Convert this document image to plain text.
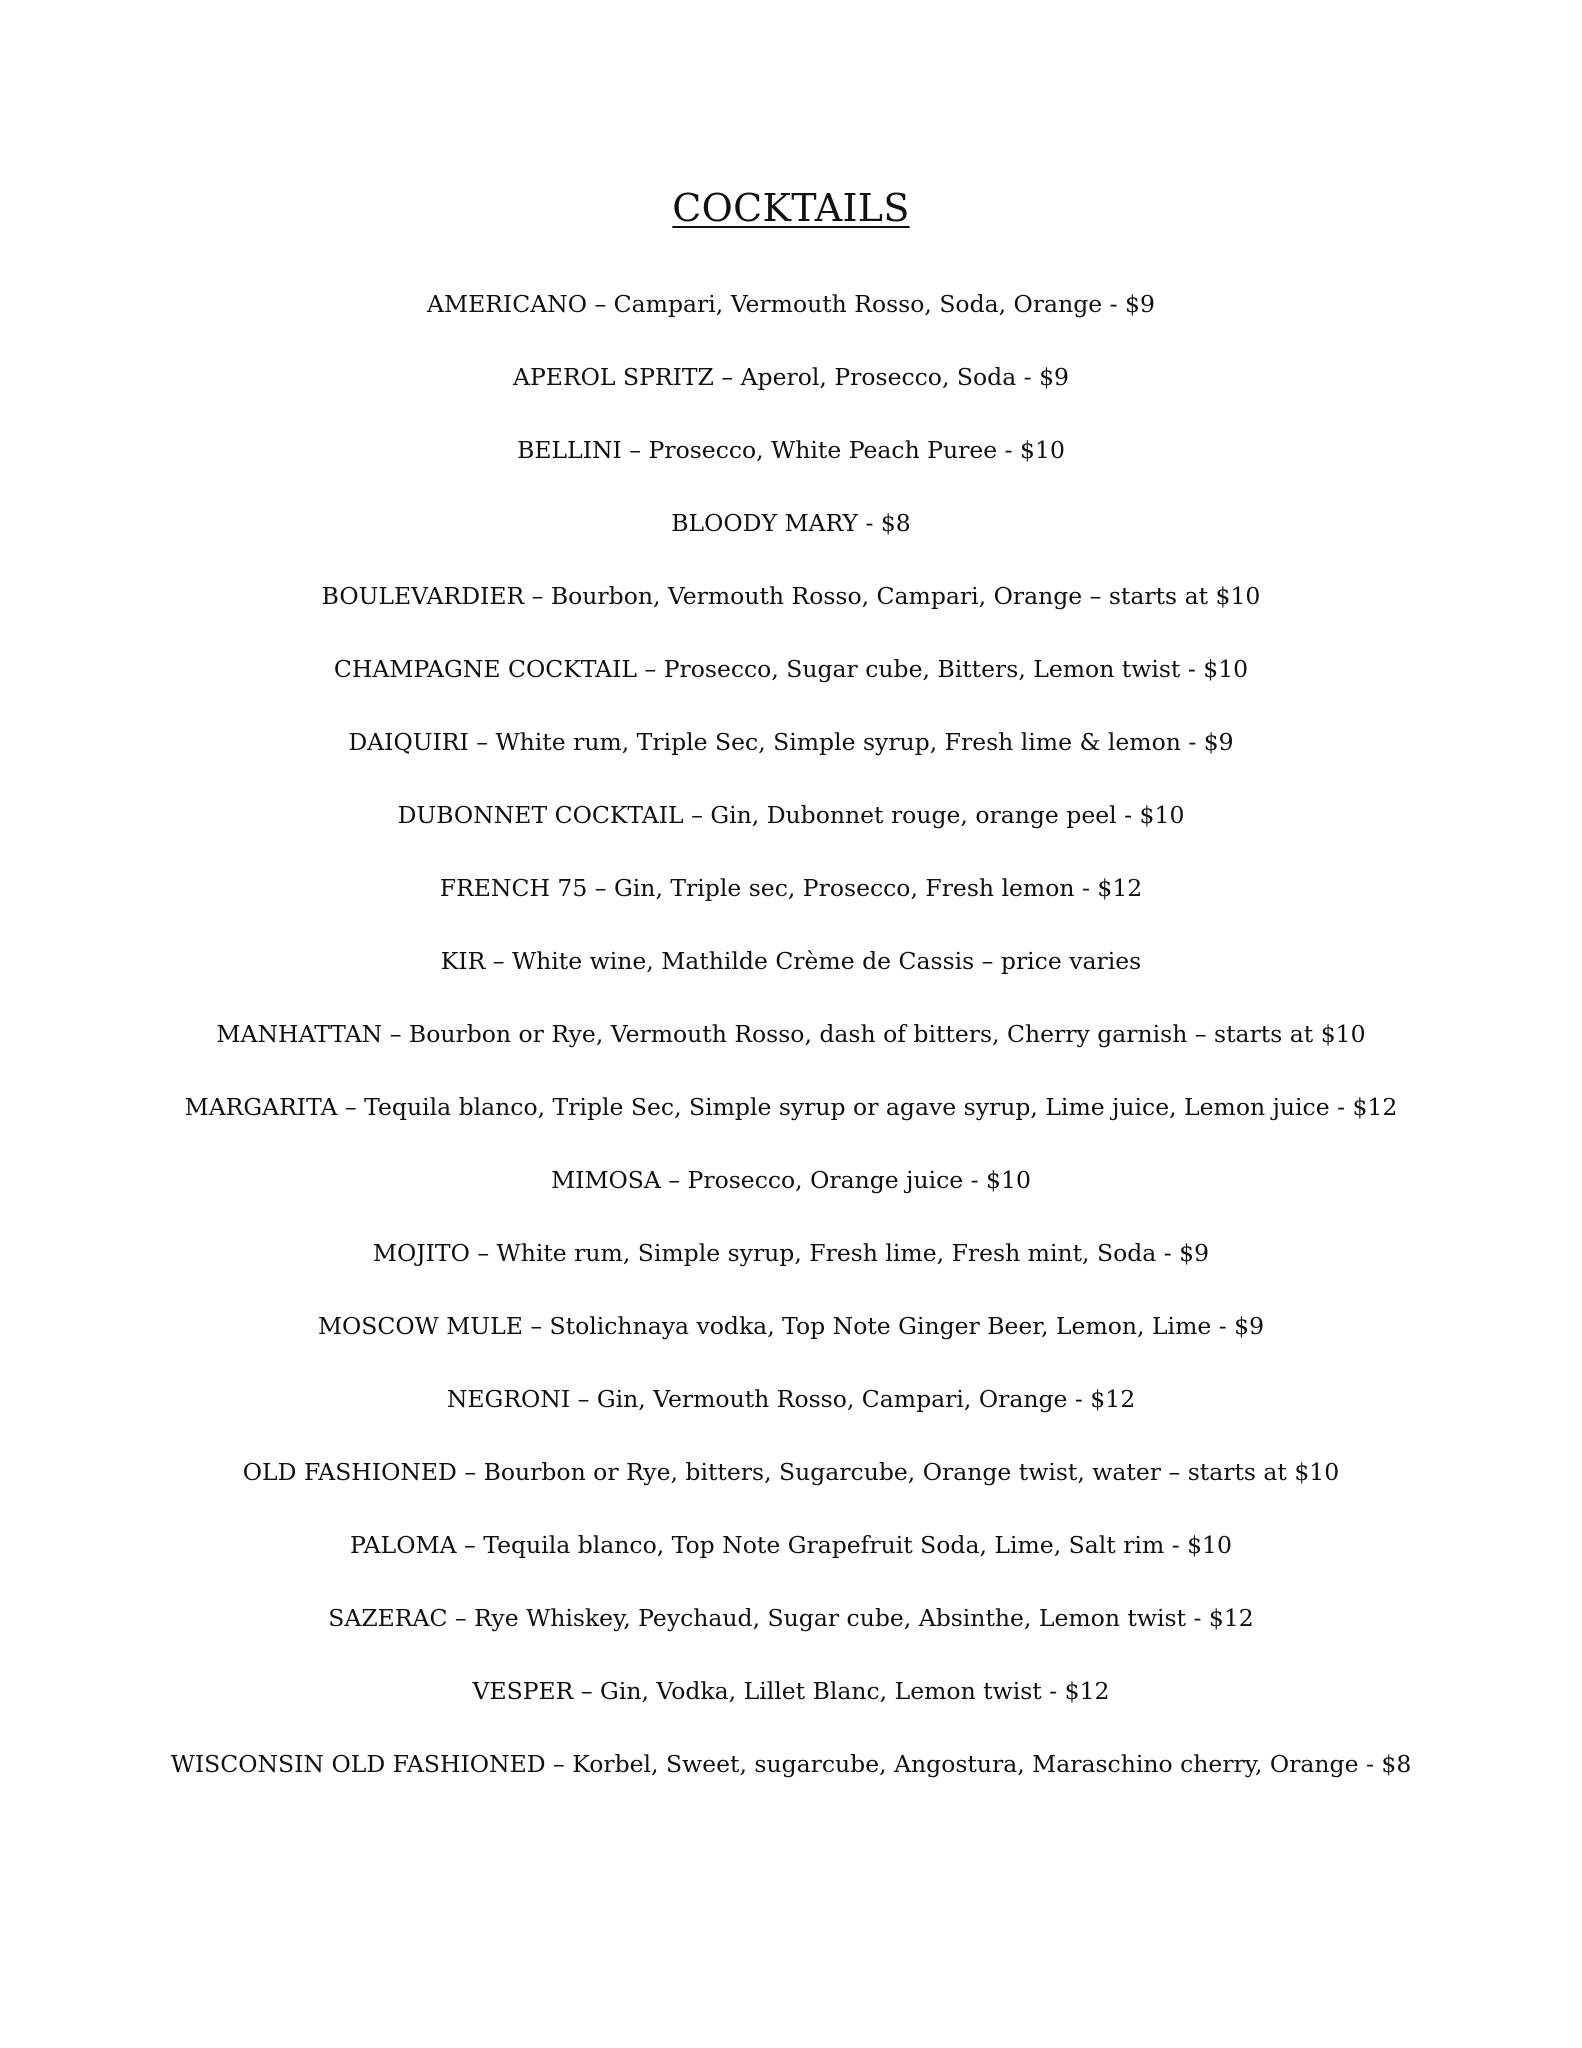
COCKTAILS
AMERICANO – Campari, Vermouth Rosso, Soda, Orange - $9
APEROL SPRITZ – Aperol, Prosecco, Soda - $9
BELLINI – Prosecco, White Peach Puree - $10
BLOODY MARY - $8
BOULEVARDIER – Bourbon, Vermouth Rosso, Campari, Orange – starts at $10
CHAMPAGNE COCKTAIL – Prosecco, Sugar cube, Bitters, Lemon twist - $10
DAIQUIRI – White rum, Triple Sec, Simple syrup, Fresh lime & lemon - $9
DUBONNET COCKTAIL – Gin, Dubonnet rouge, orange peel - $10
FRENCH 75 – Gin, Triple sec, Prosecco, Fresh lemon - $12
KIR – White wine, Mathilde Crème de Cassis – price varies
MANHATTAN – Bourbon or Rye, Vermouth Rosso, dash of bitters, Cherry garnish – starts at $10
MARGARITA – Tequila blanco, Triple Sec, Simple syrup or agave syrup, Lime juice, Lemon juice - $12
MIMOSA – Prosecco, Orange juice - $10
MOJITO – White rum, Simple syrup, Fresh lime, Fresh mint, Soda - $9
MOSCOW MULE – Stolichnaya vodka, Top Note Ginger Beer, Lemon, Lime - $9
NEGRONI – Gin, Vermouth Rosso, Campari, Orange - $12
OLD FASHIONED – Bourbon or Rye, bitters, Sugarcube, Orange twist, water – starts at $10
PALOMA – Tequila blanco, Top Note Grapefruit Soda, Lime, Salt rim - $10
SAZERAC – Rye Whiskey, Peychaud, Sugar cube, Absinthe, Lemon twist - $12
VESPER – Gin, Vodka, Lillet Blanc, Lemon twist - $12
WISCONSIN OLD FASHIONED – Korbel, Sweet, sugarcube, Angostura, Maraschino cherry, Orange - $8
